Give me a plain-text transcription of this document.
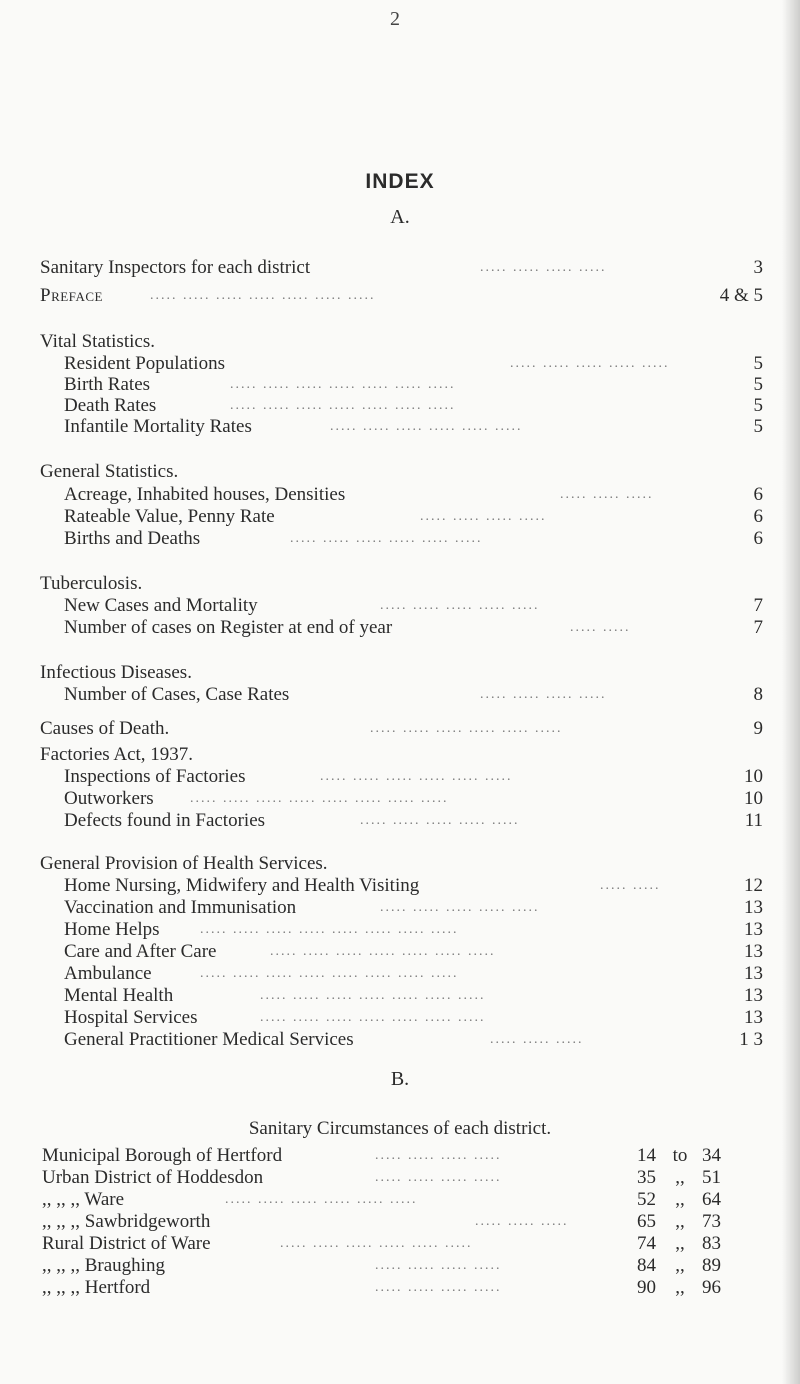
2
INDEX
A.
Sanitary Inspectors for each district	..... ..... ..... .....	3
Preface	..... ..... ..... ..... ..... ..... .....	4 & 5
Vital Statistics.
Resident Populations	..... ..... ..... ..... .....	5
Birth Rates	..... ..... ..... ..... ..... ..... .....	5
Death Rates	..... ..... ..... ..... ..... ..... .....	5
Infantile Mortality Rates	..... ..... ..... ..... ..... .....	5
General Statistics.
Acreage, Inhabited houses, Densities	..... ..... .....	6
Rateable Value, Penny Rate	..... ..... ..... .....	6
Births and Deaths	..... ..... ..... ..... ..... .....	6
Tuberculosis.
New Cases and Mortality	..... ..... ..... ..... .....	7
Number of cases on Register at end of year	..... .....	7
Infectious Diseases.
Number of Cases, Case Rates	..... ..... ..... .....	8
Causes of Death.	..... ..... ..... ..... ..... .....	9
Factories Act, 1937.
Inspections of Factories	..... ..... ..... ..... ..... .....	10
Outworkers	..... ..... ..... ..... ..... ..... ..... .....	10
Defects found in Factories	..... ..... ..... ..... .....	11
General Provision of Health Services.
Home Nursing, Midwifery and Health Visiting	..... .....	12
Vaccination and Immunisation	..... ..... ..... ..... .....	13
Home Helps	..... ..... ..... ..... ..... ..... ..... .....	13
Care and After Care	..... ..... ..... ..... ..... ..... .....	13
Ambulance	..... ..... ..... ..... ..... ..... ..... .....	13
Mental Health	..... ..... ..... ..... ..... ..... .....	13
Hospital Services	..... ..... ..... ..... ..... ..... .....	13
General Practitioner Medical Services	..... ..... .....	1 3
B.
Sanitary Circumstances of each district.
Municipal Borough of Hertford	..... ..... ..... .....	14 to 34
Urban District of Hoddesdon	..... ..... ..... .....	35	,, 51
,, ,, ,, Ware	..... ..... ..... ..... ..... .....	52	,, 64
,, ,, ,, Sawbridgeworth	..... ..... .....	65	,, 73
Rural District of Ware	..... ..... ..... ..... ..... .....	74	,, 83
,, ,, ,, Braughing	..... ..... ..... .....	84	,, 89
,, ,, ,, Hertford	..... ..... ..... .....	90	,, 96
